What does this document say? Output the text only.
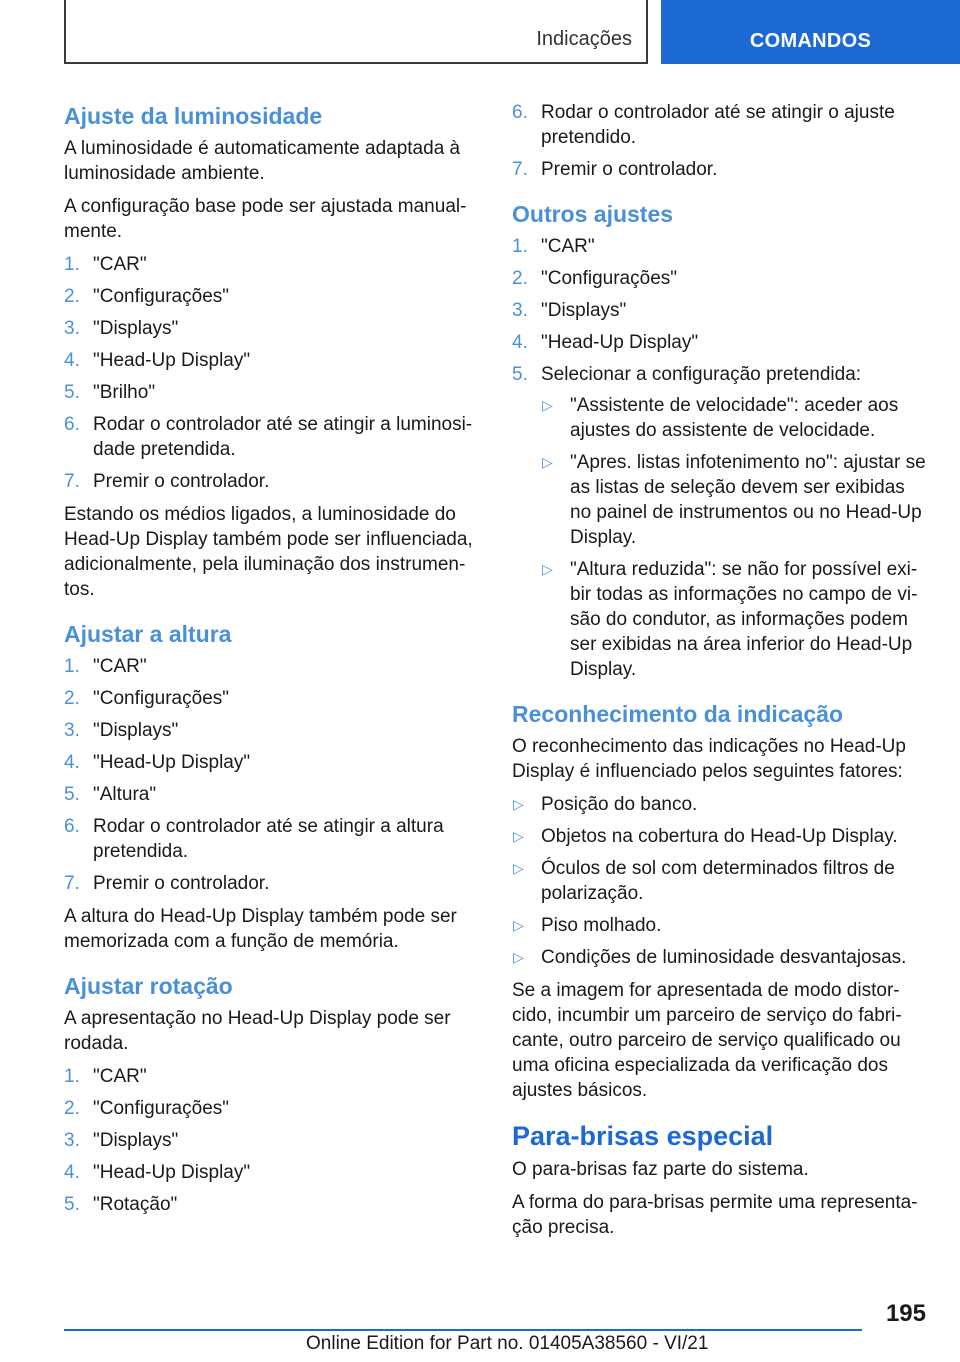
Indicações	COMANDOS
Ajuste da luminosidade

A luminosidade é automaticamente adaptada à luminosidade ambiente.

A configuração base pode ser ajustada manual-mente.

1. "CAR"
2. "Configurações"
3. "Displays"
4. "Head-Up Display"
5. "Brilho"
6. Rodar o controlador até se atingir a luminosi-dade pretendida.
7. Premir o controlador.

Estando os médios ligados, a luminosidade do Head-Up Display também pode ser influenciada, adicionalmente, pela iluminação dos instrumen-tos.

Ajustar a altura
1. "CAR"
2. "Configurações"
3. "Displays"
4. "Head-Up Display"
5. "Altura"
6. Rodar o controlador até se atingir a altura pretendida.
7. Premir o controlador.

A altura do Head-Up Display também pode ser memorizada com a função de memória.

Ajustar rotação

A apresentação no Head-Up Display pode ser rodada.

1. "CAR"
2. "Configurações"
3. "Displays"
4. "Head-Up Display"
5. "Rotação"
6. Rodar o controlador até se atingir o ajuste pretendido.
7. Premir o controlador.
Outros ajustes
1. "CAR"
2. "Configurações"
3. "Displays"
4. "Head-Up Display"
5. Selecionar a configuração pretendida:
▷ "Assistente de velocidade": aceder aos ajustes do assistente de velocidade.
▷ "Apres. listas infotenimento no": ajustar se as listas de seleção devem ser exibidas no painel de instrumentos ou no Head-Up Display.
▷ "Altura reduzida": se não for possível exi-bir todas as informações no campo de vi-são do condutor, as informações podem ser exibidas na área inferior do Head-Up Display.
Reconhecimento da indicação

O reconhecimento das indicações no Head-Up Display é influenciado pelos seguintes fatores:

▷ Posição do banco.
▷ Objetos na cobertura do Head-Up Display.
▷ Óculos de sol com determinados filtros de polarização.
▷ Piso molhado.
▷ Condições de luminosidade desvantajosas.

Se a imagem for apresentada de modo distor-cido, incumbir um parceiro de serviço do fabri-cante, outro parceiro de serviço qualificado ou uma oficina especializada da verificação dos ajustes básicos.

Para-brisas especial

O para-brisas faz parte do sistema.

A forma do para-brisas permite uma representa-ção precisa.

195
Online Edition for Part no. 01405A38560 - VI/21
